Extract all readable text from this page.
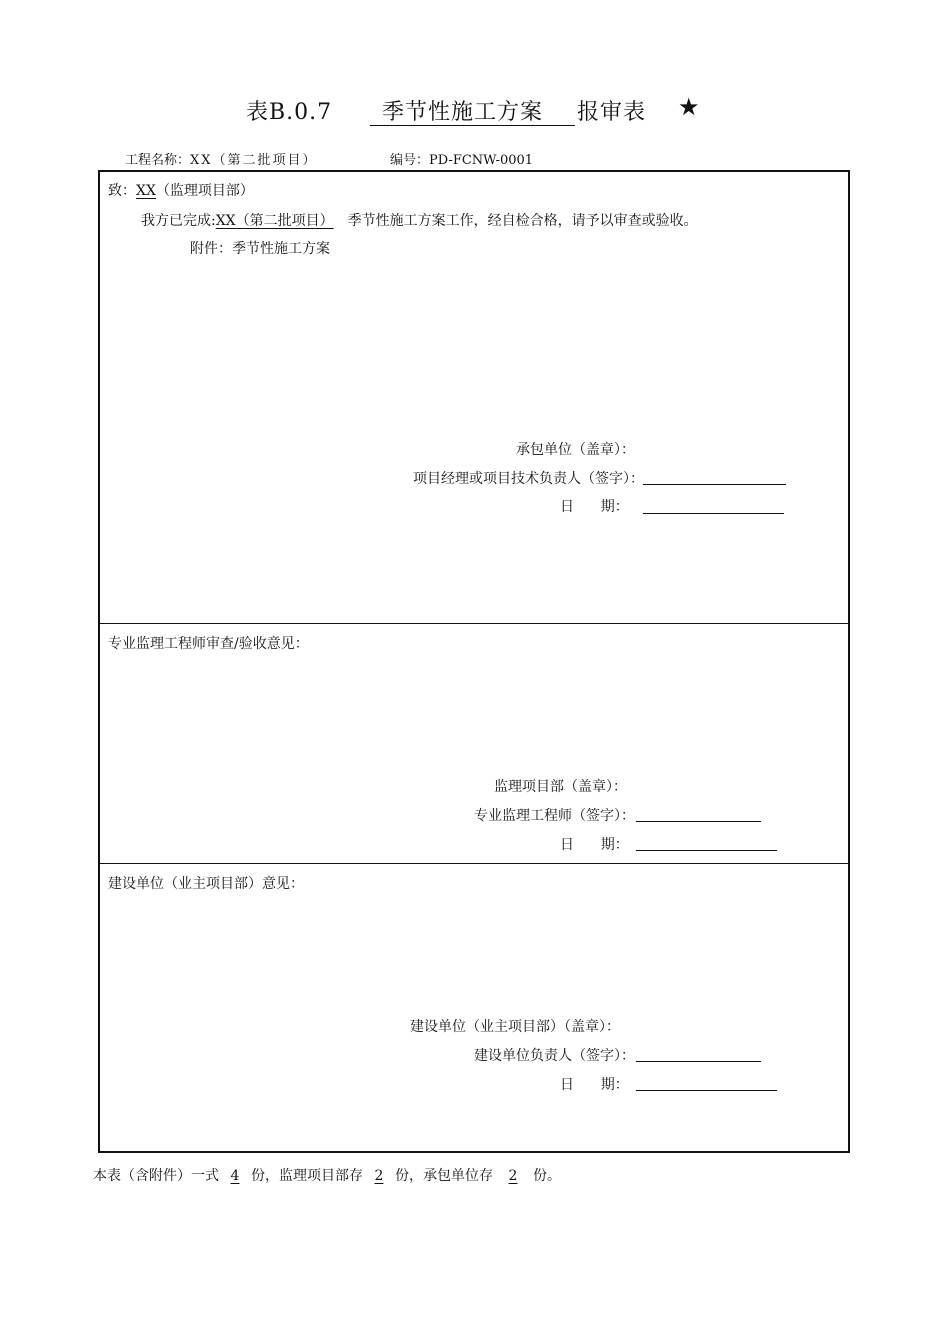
表B.0.7 季节性施工方案 报审表 ★
工程名称：XX（第二批项目）	编号：PD-FCNW-0001
致：XX（监理项目部）
我方已完成:XX（第二批项目） 季节性施工方案工作，经自检合格，请予以审查或验收。
附件：季节性施工方案
承包单位（盖章）：
项目经理或项目技术负责人（签字）：
日      期：
专业监理工程师审查/验收意见：
监理项目部（盖章）：
专业监理工程师（签字）：
日      期：
建设单位（业主项目部）意见：
建设单位（业主项目部）（盖章）：
建设单位负责人（签字）：
日      期：
本表（含附件）一式 4 份，监理项目部存 2 份，承包单位存 2 份。
